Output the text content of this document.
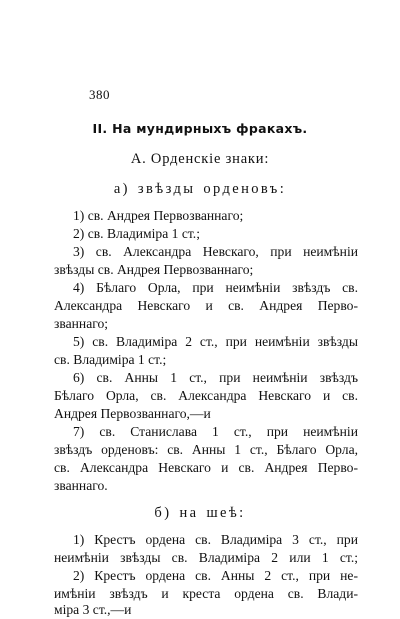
380
II. На мундирныхъ фракахъ.
А. Орденскіе знаки:
а) звѣзды орденовъ:
1) св. Андрея Первозваннаго;
2) св. Владиміра 1 ст.;
3) св. Александра Невскаго, при неимѣніи
звѣзды св. Андрея Первозваннаго;
4) Бѣлаго Орла, при неимѣніи звѣздъ св.
Александра Невскаго и св. Андрея Перво-
званнаго;
5) св. Владиміра 2 ст., при неимѣніи звѣзды
св. Владиміра 1 ст.;
6) св. Анны 1 ст., при неимѣніи звѣздъ
Бѣлаго Орла, св. Александра Невскаго и св.
Андрея Первозваннаго,—и
7) св. Станислава 1 ст., при неимѣніи
звѣздъ орденовъ: св. Анны 1 ст., Бѣлаго Орла,
св. Александра Невскаго и св. Андрея Перво-
званнаго.
б) на шеѣ:
1) Крестъ ордена св. Владиміра 3 ст., при
неимѣніи звѣзды св. Владиміра 2 или 1 ст.;
2) Крестъ ордена св. Анны 2 ст., при не-
имѣніи звѣздъ и креста ордена св. Влади-
міра 3 ст.,—и
